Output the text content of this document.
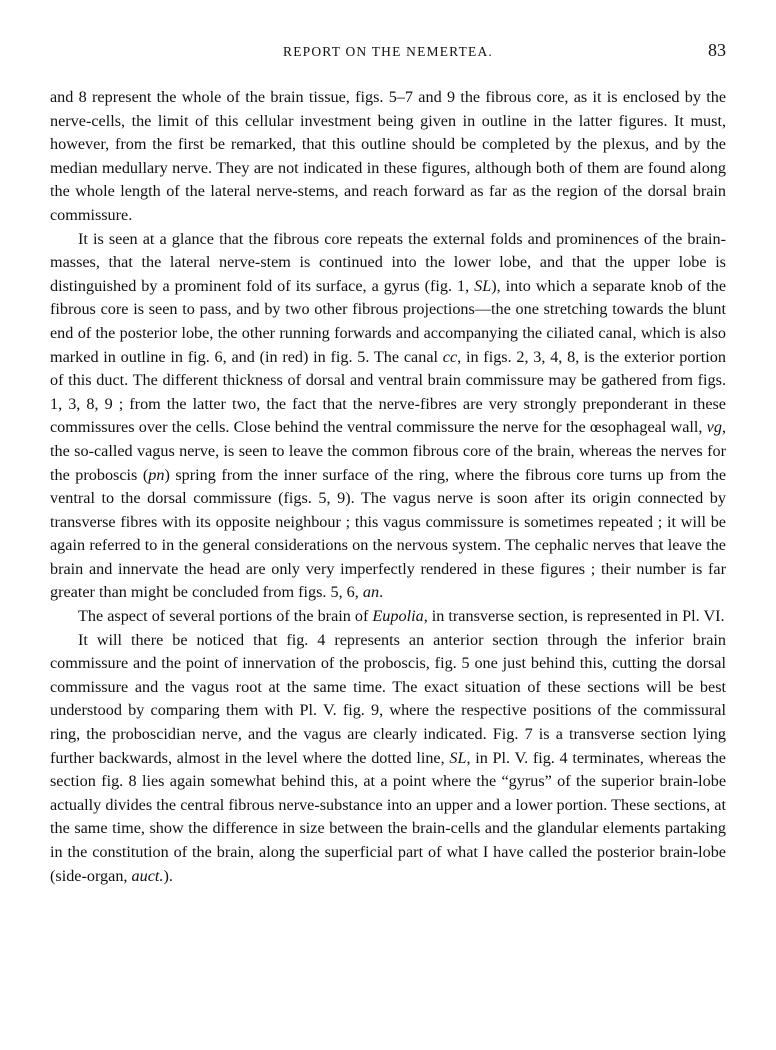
REPORT ON THE NEMERTEA.	83

and 8 represent the whole of the brain tissue, figs. 5–7 and 9 the fibrous core, as it is enclosed by the nerve-cells, the limit of this cellular investment being given in outline in the latter figures. It must, however, from the first be remarked, that this outline should be completed by the plexus, and by the median medullary nerve. They are not indicated in these figures, although both of them are found along the whole length of the lateral nerve-stems, and reach forward as far as the region of the dorsal brain commissure.

It is seen at a glance that the fibrous core repeats the external folds and prominences of the brain-masses, that the lateral nerve-stem is continued into the lower lobe, and that the upper lobe is distinguished by a prominent fold of its surface, a gyrus (fig. 1, SL), into which a separate knob of the fibrous core is seen to pass, and by two other fibrous projections—the one stretching towards the blunt end of the posterior lobe, the other running forwards and accompanying the ciliated canal, which is also marked in outline in fig. 6, and (in red) in fig. 5. The canal cc, in figs. 2, 3, 4, 8, is the exterior portion of this duct. The different thickness of dorsal and ventral brain commissure may be gathered from figs. 1, 3, 8, 9 ; from the latter two, the fact that the nerve-fibres are very strongly preponderant in these commissures over the cells. Close behind the ventral commissure the nerve for the œsophageal wall, vg, the so-called vagus nerve, is seen to leave the common fibrous core of the brain, whereas the nerves for the proboscis (pn) spring from the inner surface of the ring, where the fibrous core turns up from the ventral to the dorsal commissure (figs. 5, 9). The vagus nerve is soon after its origin connected by transverse fibres with its opposite neighbour ; this vagus commissure is sometimes repeated ; it will be again referred to in the general considerations on the nervous system. The cephalic nerves that leave the brain and innervate the head are only very imperfectly rendered in these figures ; their number is far greater than might be concluded from figs. 5, 6, an.

The aspect of several portions of the brain of Eupolia, in transverse section, is represented in Pl. VI.

It will there be noticed that fig. 4 represents an anterior section through the inferior brain commissure and the point of innervation of the proboscis, fig. 5 one just behind this, cutting the dorsal commissure and the vagus root at the same time. The exact situation of these sections will be best understood by comparing them with Pl. V. fig. 9, where the respective positions of the commissural ring, the proboscidian nerve, and the vagus are clearly indicated. Fig. 7 is a transverse section lying further backwards, almost in the level where the dotted line, SL, in Pl. V. fig. 4 terminates, whereas the section fig. 8 lies again somewhat behind this, at a point where the “gyrus” of the superior brain-lobe actually divides the central fibrous nerve-substance into an upper and a lower portion. These sections, at the same time, show the difference in size between the brain-cells and the glandular elements partaking in the constitution of the brain, along the superficial part of what I have called the posterior brain-lobe (side-organ, auct.).
